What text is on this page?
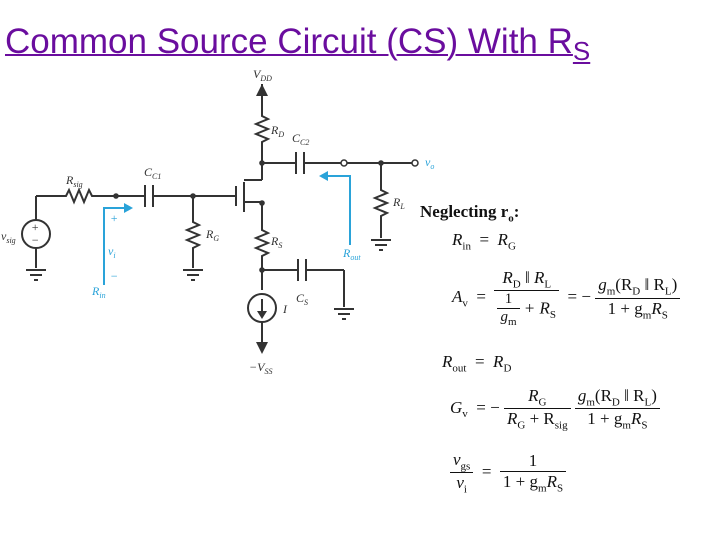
Common Source Circuit (CS) With $R_S$
$V_{DD}$
$R_D$ $C_{C2}$
$v_o$
$R_{sig}$
$C_{C1}$
$R_L$
$v_{sig}$
+
−
+
$v_i$
−
$R_G$	$R_S$
$R_{out}$
$R_{in}$
I
$C_S$
$-V_{SS}$
Neglecting $r_o$:
$R_{in} = R_G$
$A_v = \frac{R_D ‖ R_L}{\frac{1}{g_m} + R_S}$ = − $\frac{g_m(R_D ‖ R_L)}{1 + g_mR_S}$
$R_{out} = R_D$
$G_v$ = − $\frac{R_G}{R_G + R_{sig}}$
$\frac{g_m(R_D ‖ R_L)}{1 + g_mR_S}$
$\frac{v_{gs}}{v_i} = \frac{1}{1 + g_mR_S}$
